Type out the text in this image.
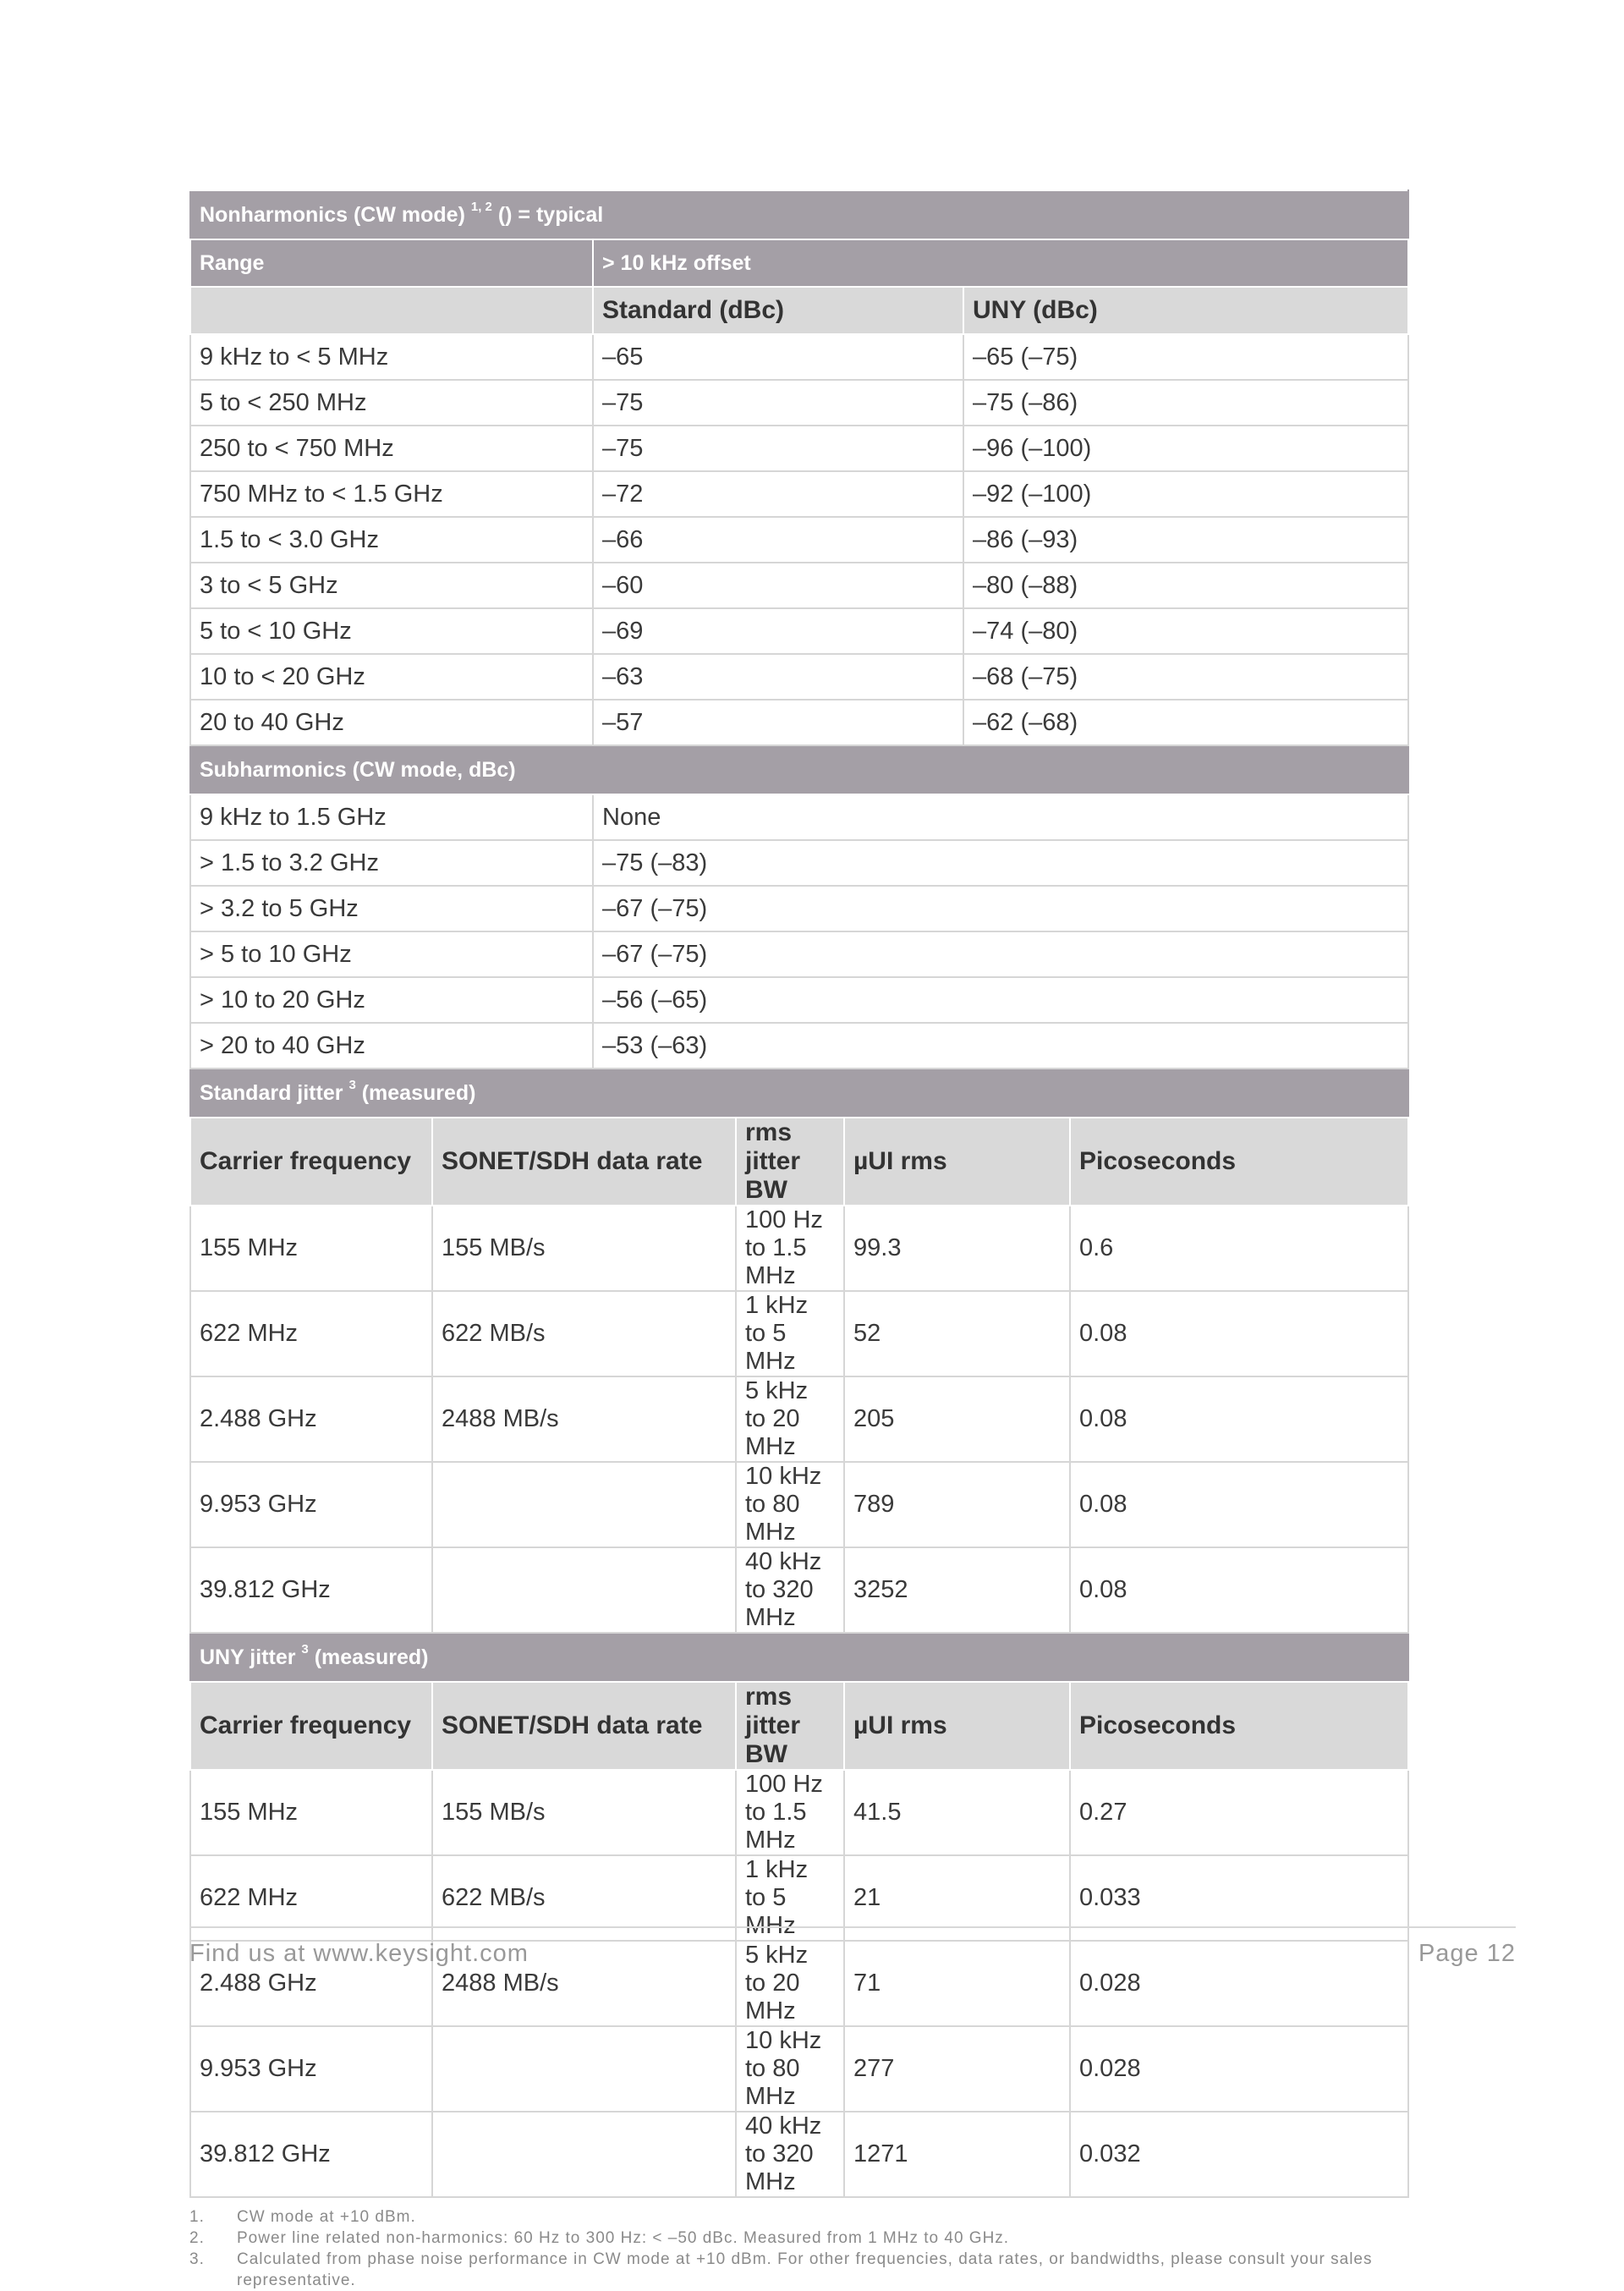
Nonharmonics (CW mode) $^{1, 2}$ () = typical						
Range		> 10 kHz offset				
		Standard (dBc)			UNY (dBc)	
9 kHz to < 5 MHz		–65			–65 (–75)	
5 to < 250 MHz		–75			–75 (–86)	
250 to < 750 MHz		–75			–96 (–100)	
750 MHz to < 1.5 GHz		–72			–92 (–100)	
1.5 to < 3.0 GHz		–66			–86 (–93)	
3 to < 5 GHz		–60			–80 (–88)	
5 to < 10 GHz		–69			–74 (–80)	
10 to < 20 GHz		–63			–68 (–75)	
20 to 40 GHz		–57			–62 (–68)	
Subharmonics (CW mode, dBc)						
9 kHz to 1.5 GHz		None				
> 1.5 to 3.2 GHz		–75 (–83)				
> 3.2 to 5 GHz		–67 (–75)				
> 5 to 10 GHz		–67 (–75)				
> 10 to 20 GHz		–56 (–65)				
> 20 to 40 GHz		–53 (–63)				
Standard jitter $^3$ (measured)						
Carrier frequency	SONET/SDH data rate		rms jitter BW	µUI rms		Picoseconds
155 MHz	155 MB/s		100 Hz to 1.5 MHz	99.3		0.6
622 MHz	622 MB/s		1 kHz to 5 MHz	52		0.08
2.488 GHz	2488 MB/s		5 kHz to 20 MHz	205		0.08
9.953 GHz			10 kHz to 80 MHz	789		0.08
39.812 GHz			40 kHz to 320 MHz	3252		0.08
UNY jitter $^3$ (measured)						
Carrier frequency	SONET/SDH data rate		rms jitter BW	µUI rms		Picoseconds
155 MHz	155 MB/s		100 Hz to 1.5 MHz	41.5		0.27
622 MHz	622 MB/s		1 kHz to 5 MHz	21		0.033
2.488 GHz	2488 MB/s		5 kHz to 20 MHz	71		0.028
9.953 GHz			10 kHz to 80 MHz	277		0.028
39.812 GHz			40 kHz to 320 MHz	1271		0.032
1.	CW mode at +10 dBm.
2.	Power line related non-harmonics: 60 Hz to 300 Hz: < –50 dBc. Measured from 1 MHz to 40 GHz.
3.	Calculated from phase noise performance in CW mode at +10 dBm. For other frequencies, data rates, or bandwidths, please consult your sales representative.
Find us at www.keysight.com	Page 12
